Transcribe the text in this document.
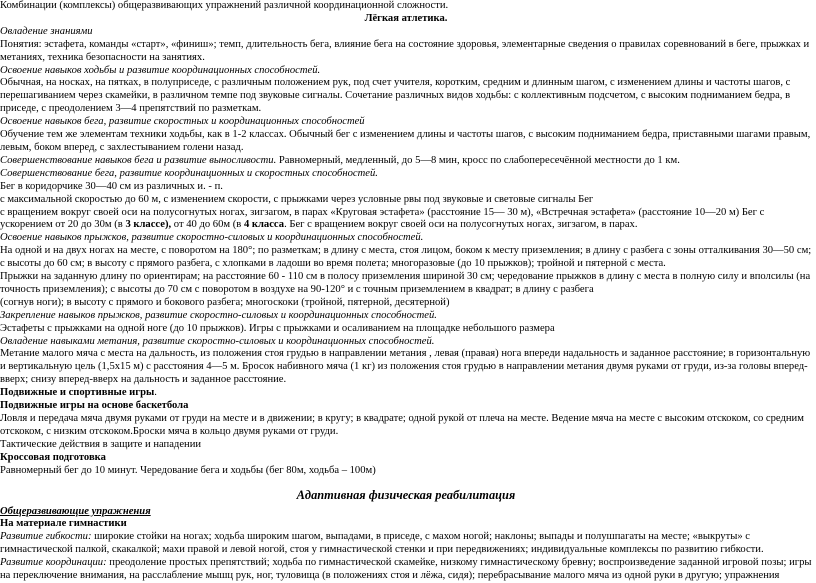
Комбинации (комплексы) общеразвивающих упражнений различной координационной сложности.
Лёгкая атлетика.
Овладение знаниями
Понятия: эстафета, команды «старт», «финиш»; темп, длительность бега, влияние бега на состояние здоровья, элементарные сведения о правилах соревнований в беге, прыжках и метаниях, техника безопасности на занятиях.
Освоение навыков ходьбы и развитие координационных способностей.
Обычная, на носках, на пятках, в полуприседе, с различным положением рук, под счет учителя, коротким, средним и длинным шагом, с изменением длины и частоты шагов, с перешагиванием через скамейки, в различном темпе под звуковые сигналы. Сочетание различных видов ходьбы: с коллективным подсчетом, с высоким подниманием бедра, в приседе, с преодолением 3—4 препятствий по разметкам.
Освоение навыков бега, развитие скоростных и координационных способностей
Обучение тем же элементам техники ходьбы, как в 1-2 классах. Обычный бег с изменением длины и частоты шагов, с высоким подниманием бедра, приставными шагами правым, левым, боком вперед, с захлестыванием голени назад.
Совершенствование навыков бега и развитие выносливости. Равномерный, медленный, до 5—8 мин, кросс по слабопересечённой местности до 1 км.
Совершенствование бега, развитие координационных и скоростных способностей.
Бег в коридорчике 30—40 см из различных и. - п.
с максимальной скоростью до 60 м, с изменением скорости, с прыжками через условные рвы под звуковые и световые сигналы Бег
с вращением вокруг своей оси на полусогнутых ногах, зигзагом, в парах «Круговая эстафета» (расстояние 15— 30 м), «Встречная эстафета» (расстояние 10—20 м) Бег с ускорением от 20 до 30м (в 3 классе), от 40 до 60м (в 4 класса. Бег с вращением вокруг своей оси на полусогнутых ногах, зигзагом, в парах.
Освоение навыков прыжков, развитие скоростно-силовых и координационных способностей.
На одной и на двух ногах на месте, с поворотом на 180°; по разметкам; в длину с места, стоя лицом, боком к месту приземления; в длину с разбега с зоны отталкивания 30—50 см; с высоты до 60 см; в высоту с прямого разбега, с хлопками в ладоши во время полета; многоразовые (до 10 прыжков); тройной и пятерной с места.
Прыжки на заданную длину по ориентирам; на расстояние 60 - 110 см в полосу приземления шириной 30 см; чередование прыжков в длину с места в полную силу и вполсилы (на точность приземления); с высоты до 70 см с поворотом в воздухе на 90-120° и с точным приземлением в квадрат; в длину с разбега
(согнув ноги); в высоту с прямого и бокового разбега; многоскоки (тройной, пятерной, десятерной)
Закрепление навыков прыжков, развитие скоростно-силовых и координационных способностей.
Эстафеты с прыжками на одной ноге (до 10 прыжков). Игры с прыжками и осаливанием на площадке небольшого размера
Овладение навыками метания, развитие скоростно-силовых и координационных способностей.
Метание малого мяча с места на дальность, из положения стоя грудью в направлении метания , левая (правая) нога впереди надальность и заданное расстояние; в горизонтальную и вертикальную цель (1,5х15 м) с расстояния 4—5 м. Бросок набивного мяча (1 кг) из положения стоя грудью в направлении метания двумя руками от груди, из-за головы вперед-вверх; снизу вперед-вверх на дальность и заданное расстояние.
Подвижные и спортивные игры.
Подвижные игры на основе баскетбола
Ловля и передача мяча двумя руками от груди на месте и в движении; в кругу; в квадрате; одной рукой от плеча на месте. Ведение мяча на месте с высоким отскоком, со средним отскоком, с низким отскоком.Броски мяча в кольцо двумя руками от груди.
Тактические действия в защите и нападении
Кроссовая подготовка
Равномерный бег до 10 минут. Чередование бега и ходьбы (бег 80м, ходьба – 100м)
Адаптивная физическая реабилитация
Общеразвивающие упражнения
На материале гимнастики
Развитие гибкости: широкие стойки на ногах; ходьба широким шагом, выпадами, в приседе, с махом ногой; наклоны; выпады и полушпагаты на месте; «выкруты» с гимнастической палкой, скакалкой; махи правой и левой ногой, стоя у гимнастической стенки и при передвижениях; индивидуальные комплексы по развитию гибкости.
Развитие координации: преодоление простых препятствий; ходьба по гимнастической скамейке, низкому гимнастическому бревну; воспроизведение заданной игровой позы; игры на переключение внимания, на расслабление мышц рук, ног, туловища (в положениях стоя и лёжа, сидя); перебрасывание малого мяча из одной руки в другую; упражнения
